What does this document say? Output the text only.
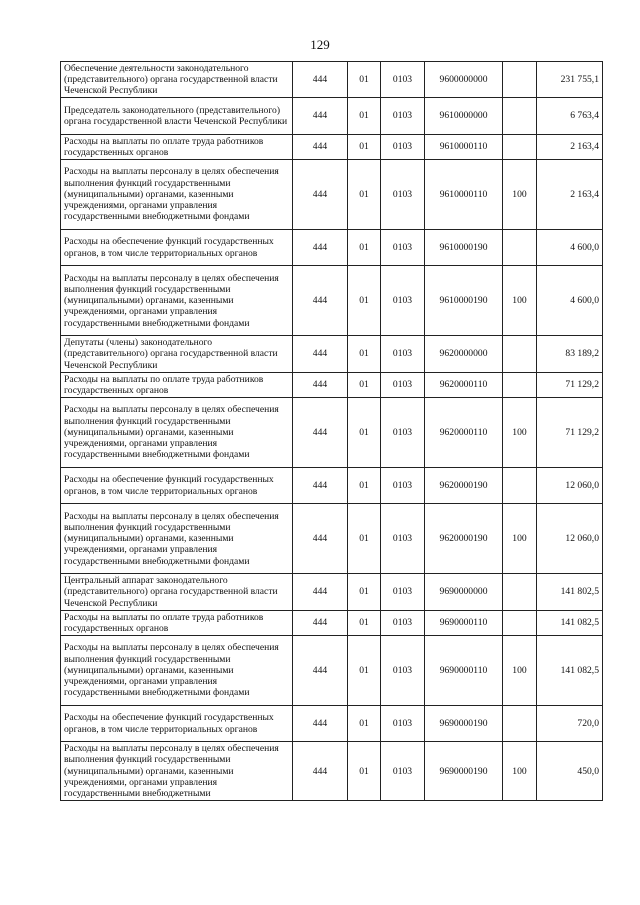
129
Обеспечение деятельности законодательного (представительного) органа государственной власти Чеченской Республики	444	01	0103	9600000000		231 755,1
Председатель законодательного (представительного) органа государственной власти Чеченской Республики	444	01	0103	9610000000		6 763,4
Расходы на выплаты по оплате труда работников государственных органов	444	01	0103	9610000110		2 163,4
Расходы на выплаты персоналу в целях обеспечения выполнения функций государственными (муниципальными) органами, казенными учреждениями, органами управления государственными внебюджетными фондами	444	01	0103	9610000110	100	2 163,4
Расходы на обеспечение функций государственных органов, в том числе территориальных органов	444	01	0103	9610000190		4 600,0
Расходы на выплаты персоналу в целях обеспечения выполнения функций государственными (муниципальными) органами, казенными учреждениями, органами управления государственными внебюджетными фондами	444	01	0103	9610000190	100	4 600,0
Депутаты (члены) законодательного (представительного) органа государственной власти Чеченской Республики	444	01	0103	9620000000		83 189,2
Расходы на выплаты по оплате труда работников государственных органов	444	01	0103	9620000110		71 129,2
Расходы на выплаты персоналу в целях обеспечения выполнения функций государственными (муниципальными) органами, казенными учреждениями, органами управления государственными внебюджетными фондами	444	01	0103	9620000110	100	71 129,2
Расходы на обеспечение функций государственных органов, в том числе территориальных органов	444	01	0103	9620000190		12 060,0
Расходы на выплаты персоналу в целях обеспечения выполнения функций государственными (муниципальными) органами, казенными учреждениями, органами управления государственными внебюджетными фондами	444	01	0103	9620000190	100	12 060,0
Центральный аппарат законодательного (представительного) органа государственной власти Чеченской Республики	444	01	0103	9690000000		141 802,5
Расходы на выплаты по оплате труда работников государственных органов	444	01	0103	9690000110		141 082,5
Расходы на выплаты персоналу в целях обеспечения выполнения функций государственными (муниципальными) органами, казенными учреждениями, органами управления государственными внебюджетными фондами	444	01	0103	9690000110	100	141 082,5
Расходы на обеспечение функций государственных органов, в том числе территориальных органов	444	01	0103	9690000190		720,0
Расходы на выплаты персоналу в целях обеспечения выполнения функций государственными (муниципальными) органами, казенными учреждениями, органами управления государственными внебюджетными	444	01	0103	9690000190	100	450,0
